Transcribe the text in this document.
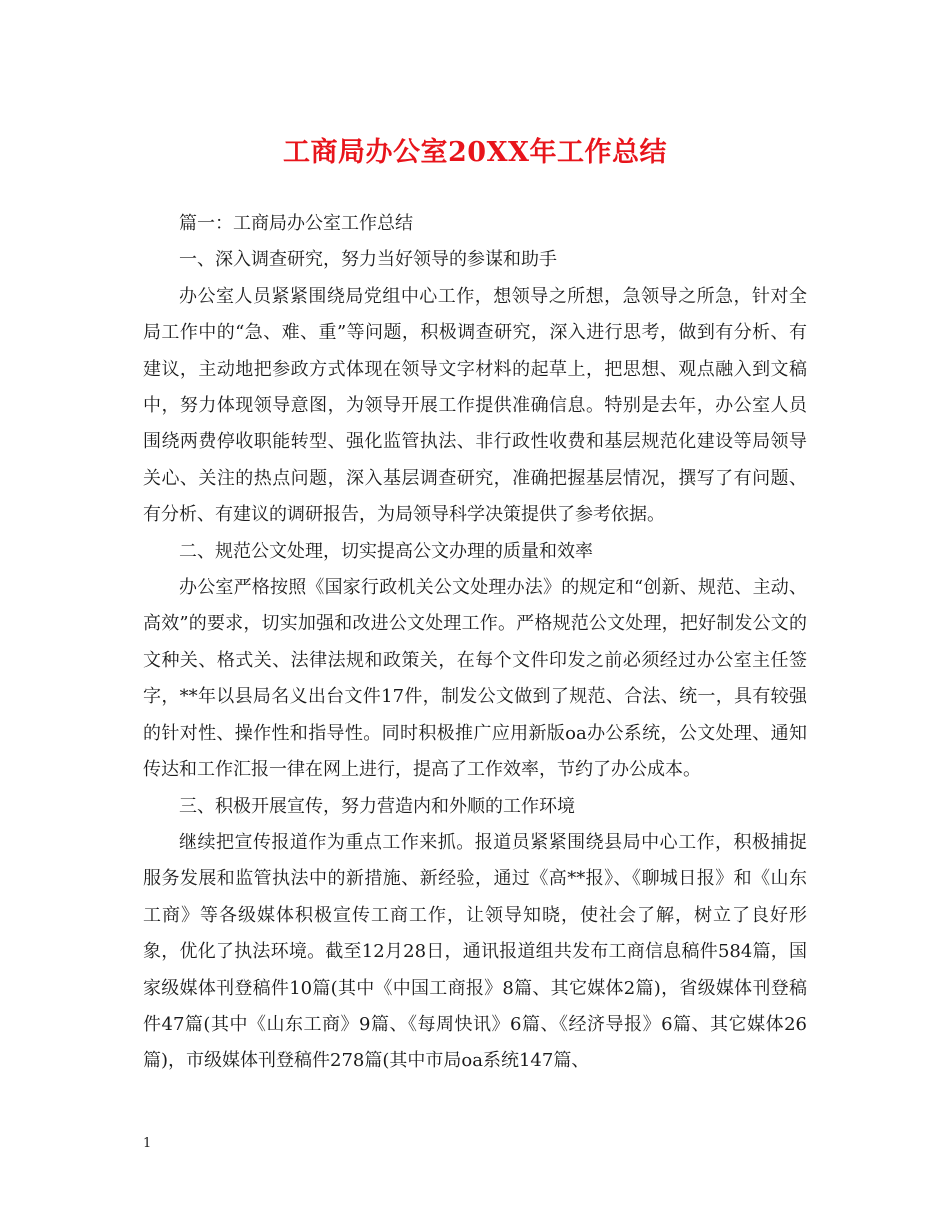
工商局办公室20XX年工作总结

篇一：工商局办公室工作总结

一、深入调查研究，努力当好领导的参谋和助手

办公室人员紧紧围绕局党组中心工作，想领导之所想，急领导之所急，针对全局工作中的“急、难、重”等问题，积极调查研究，深入进行思考，做到有分析、有建议，主动地把参政方式体现在领导文字材料的起草上，把思想、观点融入到文稿中，努力体现领导意图，为领导开展工作提供准确信息。特别是去年，办公室人员围绕两费停收职能转型、强化监管执法、非行政性收费和基层规范化建设等局领导关心、关注的热点问题，深入基层调查研究，准确把握基层情况，撰写了有问题、有分析、有建议的调研报告，为局领导科学决策提供了参考依据。

二、规范公文处理，切实提高公文办理的质量和效率

办公室严格按照《国家行政机关公文处理办法》的规定和“创新、规范、主动、高效”的要求，切实加强和改进公文处理工作。严格规范公文处理，把好制发公文的文种关、格式关、法律法规和政策关，在每个文件印发之前必须经过办公室主任签字，**年以县局名义出台文件17件，制发公文做到了规范、合法、统一，具有较强的针对性、操作性和指导性。同时积极推广应用新版oa办公系统，公文处理、通知传达和工作汇报一律在网上进行，提高了工作效率，节约了办公成本。

三、积极开展宣传，努力营造内和外顺的工作环境

继续把宣传报道作为重点工作来抓。报道员紧紧围绕县局中心工作，积极捕捉服务发展和监管执法中的新措施、新经验，通过《高**报》、《聊城日报》和《山东工商》等各级媒体积极宣传工商工作，让领导知晓，使社会了解，树立了良好形象，优化了执法环境。截至12月28日，通讯报道组共发布工商信息稿件584篇，国家级媒体刊登稿件10篇(其中《中国工商报》8篇、其它媒体2篇)，省级媒体刊登稿件47篇(其中《山东工商》9篇、《每周快讯》6篇、《经济导报》6篇、其它媒体26篇)，市级媒体刊登稿件278篇(其中市局oa系统147篇、

1
